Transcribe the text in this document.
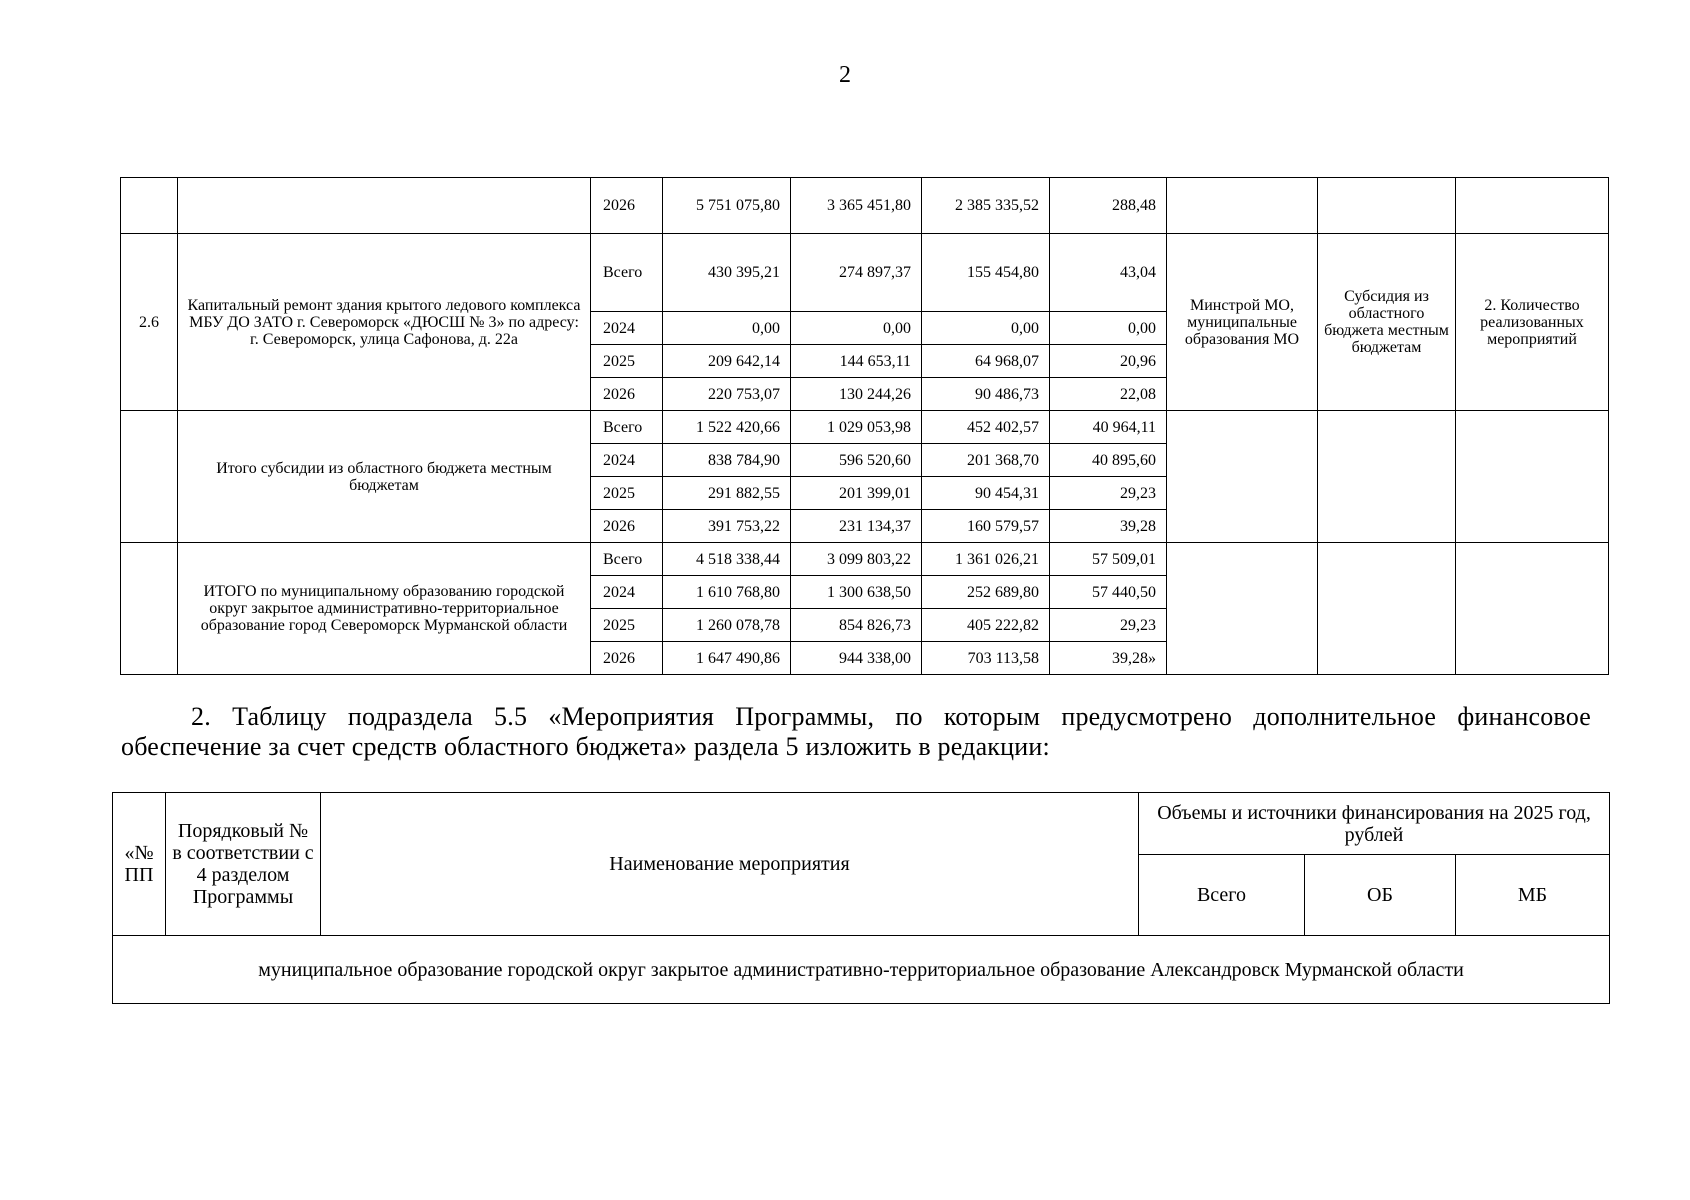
2
		2026	5 751 075,80	3 365 451,80	2 385 335,52	288,48			
2.6	Капитальный ремонт здания крытого ледового комплекса МБУ ДО ЗАТО г. Североморск «ДЮСШ № 3» по адресу: г. Североморск, улица Сафонова, д. 22а	Всего	430 395,21	274 897,37	155 454,80	43,04	Минстрой МО, муниципальные образования МО	Субсидия из областного бюджета местным бюджетам	2. Количество реализованных мероприятий
		2024	0,00	0,00	0,00	0,00			
		2025	209 642,14	144 653,11	64 968,07	20,96			
		2026	220 753,07	130 244,26	90 486,73	22,08			
	Итого субсидии из областного бюджета местным бюджетам	Всего	1 522 420,66	1 029 053,98	452 402,57	40 964,11			
		2024	838 784,90	596 520,60	201 368,70	40 895,60			
		2025	291 882,55	201 399,01	90 454,31	29,23			
		2026	391 753,22	231 134,37	160 579,57	39,28			
	ИТОГО по муниципальному образованию городской округ закрытое административно-территориальное образование город Североморск Мурманской области	Всего	4 518 338,44	3 099 803,22	1 361 026,21	57 509,01			
		2024	1 610 768,80	1 300 638,50	252 689,80	57 440,50			
		2025	1 260 078,78	854 826,73	405 222,82	29,23			
		2026	1 647 490,86	944 338,00	703 113,58	39,28»			
2. Таблицу подраздела 5.5 «Мероприятия Программы, по которым предусмотрено дополнительное финансовое обеспечение за счет средств областного бюджета» раздела 5 изложить в редакции:
«№ ПП	Порядковый № в соответствии с 4 разделом Программы	Наименование мероприятия	Объемы и источники финансирования на 2025 год, рублей		
			Всего	ОБ	МБ
муниципальное образование городской округ закрытое административно-территориальное образование Александровск Мурманской области					
